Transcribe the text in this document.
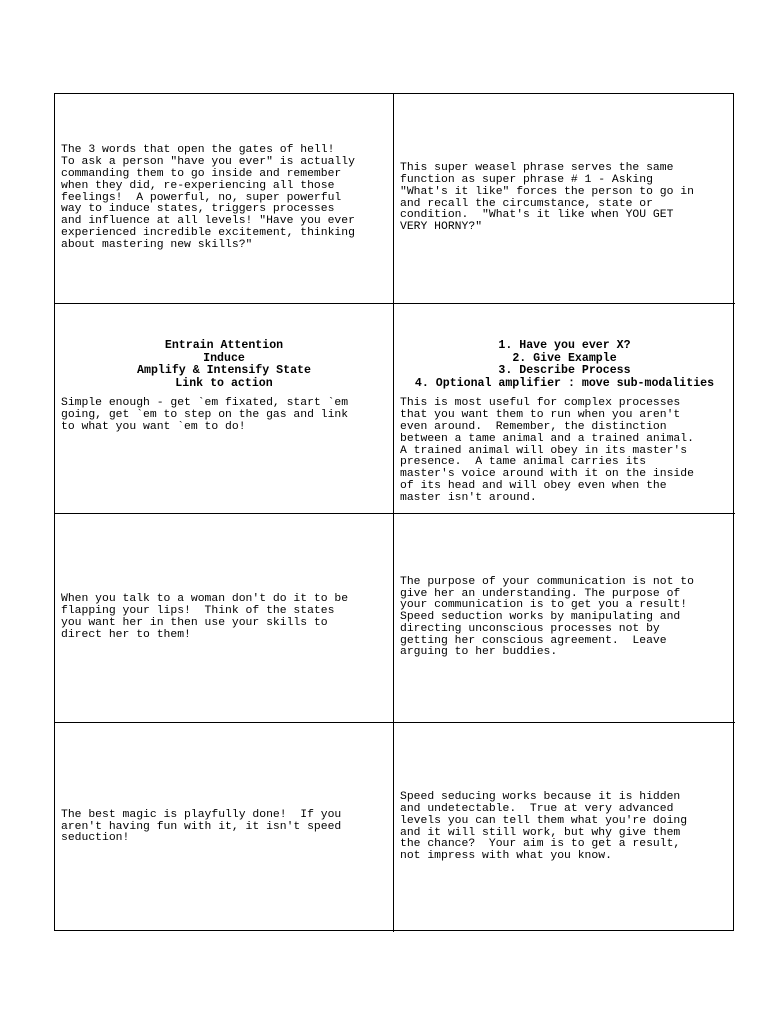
The 3 words that open the gates of hell!
To ask a person "have you ever" is actually
commanding them to go inside and remember
when they did, re-experiencing all those
feelings!  A powerful, no, super powerful
way to induce states, triggers processes
and influence at all levels! "Have you ever
experienced incredible excitement, thinking
about mastering new skills?"

This super weasel phrase serves the same
function as super phrase # 1 - Asking
"What's it like" forces the person to go in
and recall the circumstance, state or
condition.  "What's it like when YOU GET
VERY HORNY?"

Entrain Attention
Induce
Amplify & Intensify State
Link to action

Simple enough - get `em fixated, start `em
going, get `em to step on the gas and link
to what you want `em to do!

1. Have you ever X?
2. Give Example
3. Describe Process
4. Optional amplifier : move sub-modalities

This is most useful for complex processes
that you want them to run when you aren't
even around.  Remember, the distinction
between a tame animal and a trained animal.
A trained animal will obey in its master's
presence.  A tame animal carries its
master's voice around with it on the inside
of its head and will obey even when the
master isn't around.

When you talk to a woman don't do it to be
flapping your lips!  Think of the states
you want her in then use your skills to
direct her to them!

The purpose of your communication is not to
give her an understanding. The purpose of
your communication is to get you a result!
Speed seduction works by manipulating and
directing unconscious processes not by
getting her conscious agreement.  Leave
arguing to her buddies.

The best magic is playfully done!  If you
aren't having fun with it, it isn't speed
seduction!

Speed seducing works because it is hidden
and undetectable.  True at very advanced
levels you can tell them what you're doing
and it will still work, but why give them
the chance?  Your aim is to get a result,
not impress with what you know.
